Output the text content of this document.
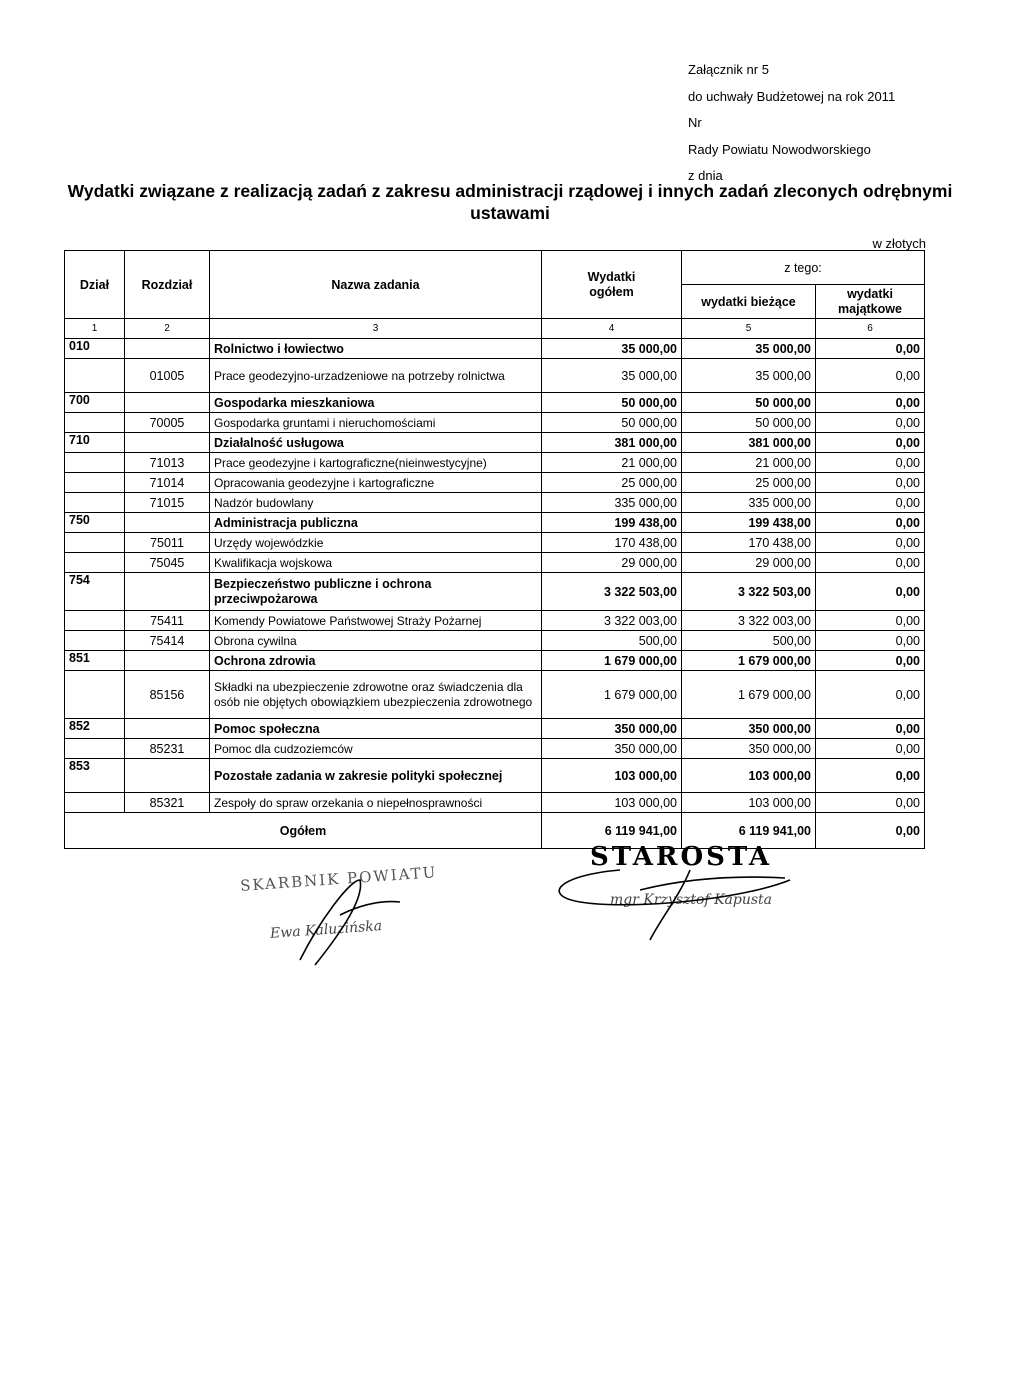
Załącznik nr 5
do uchwały Budżetowej na rok 2011
Nr
Rady Powiatu Nowodworskiego
z dnia
Wydatki związane z realizacją zadań z zakresu administracji rządowej i innych zadań zleconych odrębnymi ustawami
w złotych
Dział	Rozdział	Nazwa zadania	Wydatki ogółem	z tego:	
				wydatki bieżące	wydatki majątkowe
1	2	3	4	5	6
010		Rolnictwo i łowiectwo	35 000,00	35 000,00	0,00
	01005	Prace geodezyjno-urzadzeniowe na potrzeby rolnictwa	35 000,00	35 000,00	0,00
700		Gospodarka mieszkaniowa	50 000,00	50 000,00	0,00
	70005	Gospodarka gruntami i nieruchomościami	50 000,00	50 000,00	0,00
710		Działalność usługowa	381 000,00	381 000,00	0,00
	71013	Prace geodezyjne i kartograficzne(nieinwestycyjne)	21 000,00	21 000,00	0,00
	71014	Opracowania geodezyjne i kartograficzne	25 000,00	25 000,00	0,00
	71015	Nadzór budowlany	335 000,00	335 000,00	0,00
750		Administracja publiczna	199 438,00	199 438,00	0,00
	75011	Urzędy wojewódzkie	170 438,00	170 438,00	0,00
	75045	Kwalifikacja wojskowa	29 000,00	29 000,00	0,00
754		Bezpieczeństwo publiczne i ochrona przeciwpożarowa	3 322 503,00	3 322 503,00	0,00
	75411	Komendy Powiatowe Państwowej Straży Pożarnej	3 322 003,00	3 322 003,00	0,00
	75414	Obrona cywilna	500,00	500,00	0,00
851		Ochrona zdrowia	1 679 000,00	1 679 000,00	0,00
	85156	Składki na ubezpieczenie zdrowotne oraz świadczenia dla osób nie objętych obowiązkiem ubezpieczenia zdrowotnego	1 679 000,00	1 679 000,00	0,00
852		Pomoc społeczna	350 000,00	350 000,00	0,00
	85231	Pomoc dla cudzoziemców	350 000,00	350 000,00	0,00
853		Pozostałe zadania w zakresie polityki społecznej	103 000,00	103 000,00	0,00
	85321	Zespoły do spraw orzekania o niepełnosprawności	103 000,00	103 000,00	0,00
Ogółem			6 119 941,00	6 119 941,00	0,00
SKARBNIK POWIATU
Ewa Kaluzińska
STAROSTA
mgr Krzysztof Kapusta
